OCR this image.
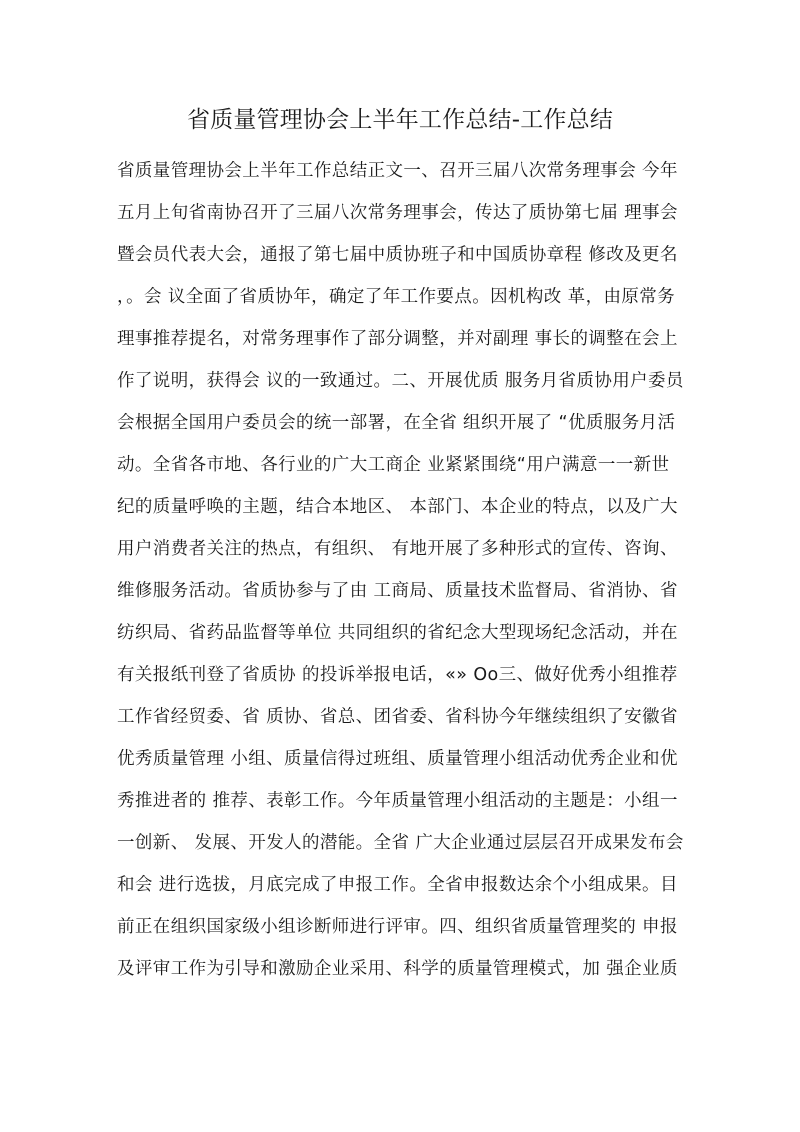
省质量管理协会上半年工作总结-工作总结
省质量管理协会上半年工作总结正文一、召开三届八次常务理事会 今年
五月上旬省南协召开了三届八次常务理事会，传达了质协第七届 理事会
暨会员代表大会，通报了第七届中质协班子和中国质协章程 修改及更名
，。会 议全面了省质协年，确定了年工作要点。因机构改 革，由原常务
理事推荐提名，对常务理事作了部分调整，并对副理 事长的调整在会上
作了说明，获得会 议的一致通过。二、开展优质 服务月省质协用户委员
会根据全国用户委员会的统一部署，在全省 组织开展了 “优质服务月活
动。全省各市地、各行业的广大工商企 业紧紧围绕“用户满意一一新世
纪的质量呼唤的主题，结合本地区、 本部门、本企业的特点，以及广大
用户消费者关注的热点，有组织、 有地开展了多种形式的宣传、咨询、
维修服务活动。省质协参与了由 工商局、质量技术监督局、省消协、省
纺织局、省药品监督等单位 共同组织的省纪念大型现场纪念活动，并在
有关报纸刊登了省质协 的投诉举报电话，«» Oo三、做好优秀小组推荐
工作省经贸委、省 质协、省总、团省委、省科协今年继续组织了安徽省
优秀质量管理 小组、质量信得过班组、质量管理小组活动优秀企业和优
秀推进者的 推荐、表彰工作。今年质量管理小组活动的主题是：小组一
一创新、 发展、开发人的潜能。全省 广大企业通过层层召开成果发布会
和会 进行选拔，月底完成了申报工作。全省申报数达余个小组成果。目
前正在组织国家级小组诊断师进行评审。四、组织省质量管理奖的 申报
及评审工作为引导和激励企业采用、科学的质量管理模式，加 强企业质
